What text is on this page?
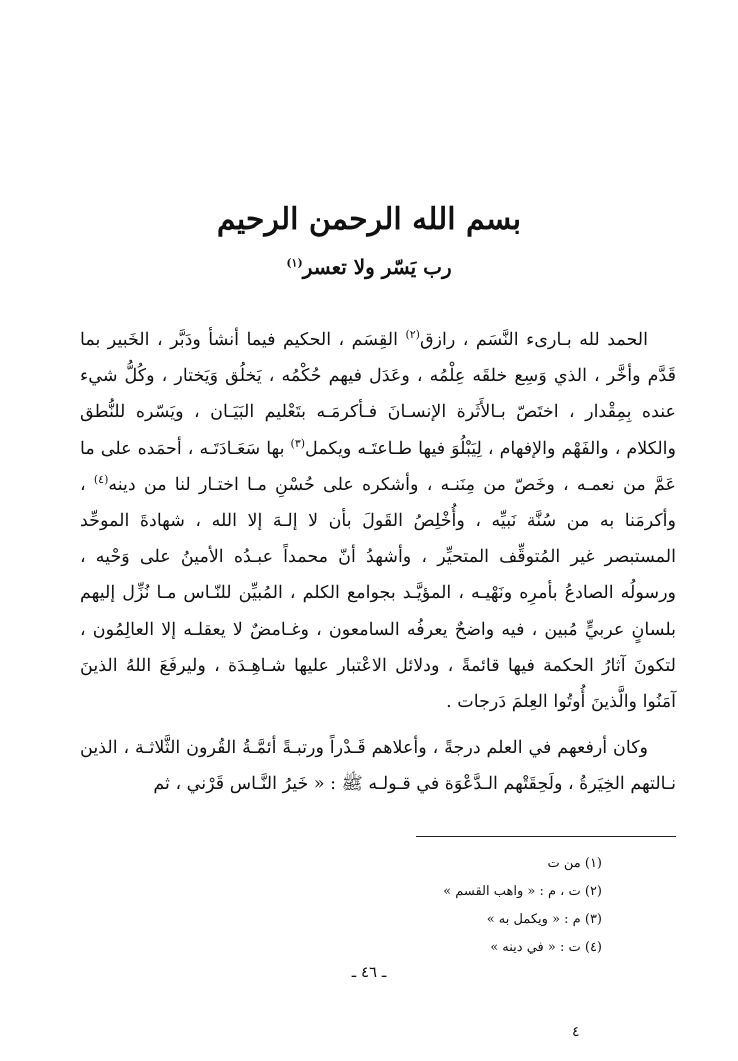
بسم الله الرحمن الرحيم
رب يَسّر ولا تعسر$^{(١)}$

الحمد لله بـارىء النَّسَم ، رازق$^{(٢)}$ القِسَم ، الحكيم فيما أنشأ ودَبَّر ، الخَبير بما قَدَّم وأخَّر ، الذي وَسِع خلقَه عِلْمُه ، وعَدَل فيهم حُكْمُه ، يَخلُق وَيَختار ، وكُلُّ شيء عنده بِمِقْدار ، اختَصّ بـالأَثَرة الإنسـانَ فـأكرمَـه بتَعْليم البَيَـان ، ويَسّره للنُّطق والكلام ، والفَهْم والإفهام ، لِيَبْلُوَ فيها طـاعتَـه ويكمل$^{(٣)}$ بها سَعَـادَتَـه ، أحمَده على ما عَمَّ من نعمـه ، وخَصّ من مِنَنـه ، وأشكره على حُسْنِ مـا اختـار لنا من دينه$^{(٤)}$ ، وأكرمَنا به من سُنَّة نَبيِّه ، وأُخْلِصُ القَولَ بأن لا إلـهَ إلا الله ، شهادةَ الموحِّد المستبصر غير المُتوقِّف المتحيِّر ، وأشهدُ أنّ محمداً عبـدُه الأمينُ على وَحْيه ، ورسولُه الصادعُ بأمرِه ونَهْيـه ، المؤيَّـد بجوامع الكلم ، المُبيِّن للنّـاس مـا نُزِّل إليهم بلسانٍ عربيٍّ مُبين ، فيه واضحٌ يعرفُه السامعون ، وغـامضٌ لا يعقلـه إلا العالِمُون ، لتكونَ آثارُ الحكمة فيها قائمةً ، ودلائل الاعْتبار عليها شـاهِـدَة ، وليرفَعَ اللهُ الذينَ آمَنُوا والَّذينَ أُوتُوا العِلمَ دَرجات .

وكان أرفعهم في العلم درجةً ، وأعلاهم قَـدْراً ورتبـةً أئمَّـةُ القُرون الثَّلاثـة ، الذين نـالتهم الخِيَرةُ ، ولَحِقَتْهم الـدَّعْوَة في قـولـه ﷺ : « خَيرُ النَّـاس قَرْني ، ثم

(١) من ت
(٢) ت ، م : « واهب القسم »
(٣) م : « ويكمل به »
(٤) ت : « في دينه »

ـ ٤٦ ـ

٤
